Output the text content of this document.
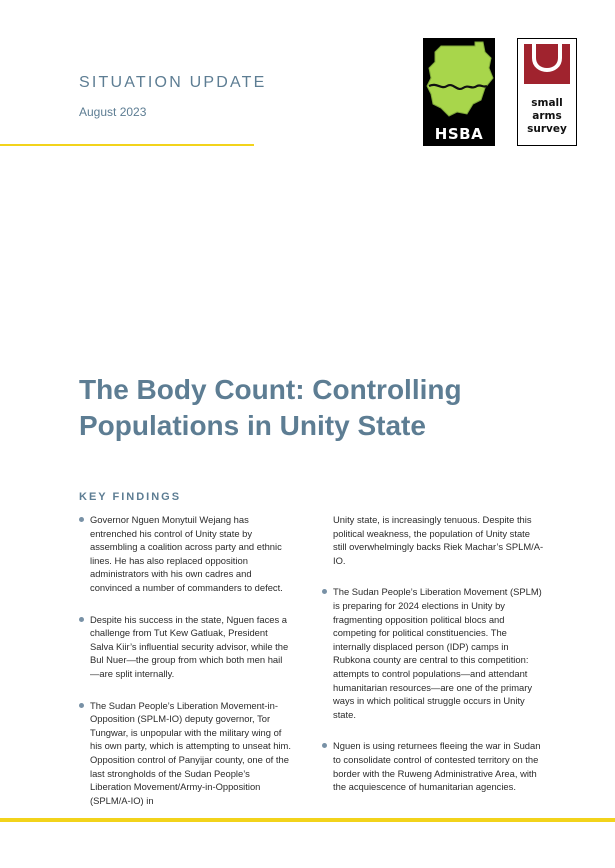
SITUATION UPDATE
August 2023
HSBA
small
arms
survey
The Body Count: Controlling
Populations in Unity State
KEY FINDINGS
Governor Nguen Monytuil Wejang has entrenched his control of Unity state by assembling a coalition across party and ethnic lines. He has also replaced opposition administrators with his own cadres and convinced a number of commanders to defect.
Despite his success in the state, Nguen faces a challenge from Tut Kew Gatluak, President Salva Kiir’s influential security advisor, while the Bul Nuer—the group from which both men hail—are split internally.
The Sudan People’s Liberation Movement-in-Opposition (SPLM-IO) deputy governor, Tor Tungwar, is unpopular with the military wing of his own party, which is attempting to unseat him. Opposition control of Panyijar county, one of the last strongholds of the Sudan People’s Liberation Movement/Army-in-Opposition (SPLM/A-IO) in
Unity state, is increasingly tenuous. Despite this political weakness, the population of Unity state still overwhelmingly backs Riek Machar’s SPLM/A-IO.
The Sudan People’s Liberation Movement (SPLM) is preparing for 2024 elections in Unity by fragmenting opposition political blocs and competing for political constituencies. The internally displaced person (IDP) camps in Rubkona county are central to this competition: attempts to control populations—and attendant humanitarian resources—are one of the primary ways in which political struggle occurs in Unity state.
Nguen is using returnees fleeing the war in Sudan to consolidate control of contested territory on the border with the Ruweng Administrative Area, with the acquiescence of humanitarian agencies.
